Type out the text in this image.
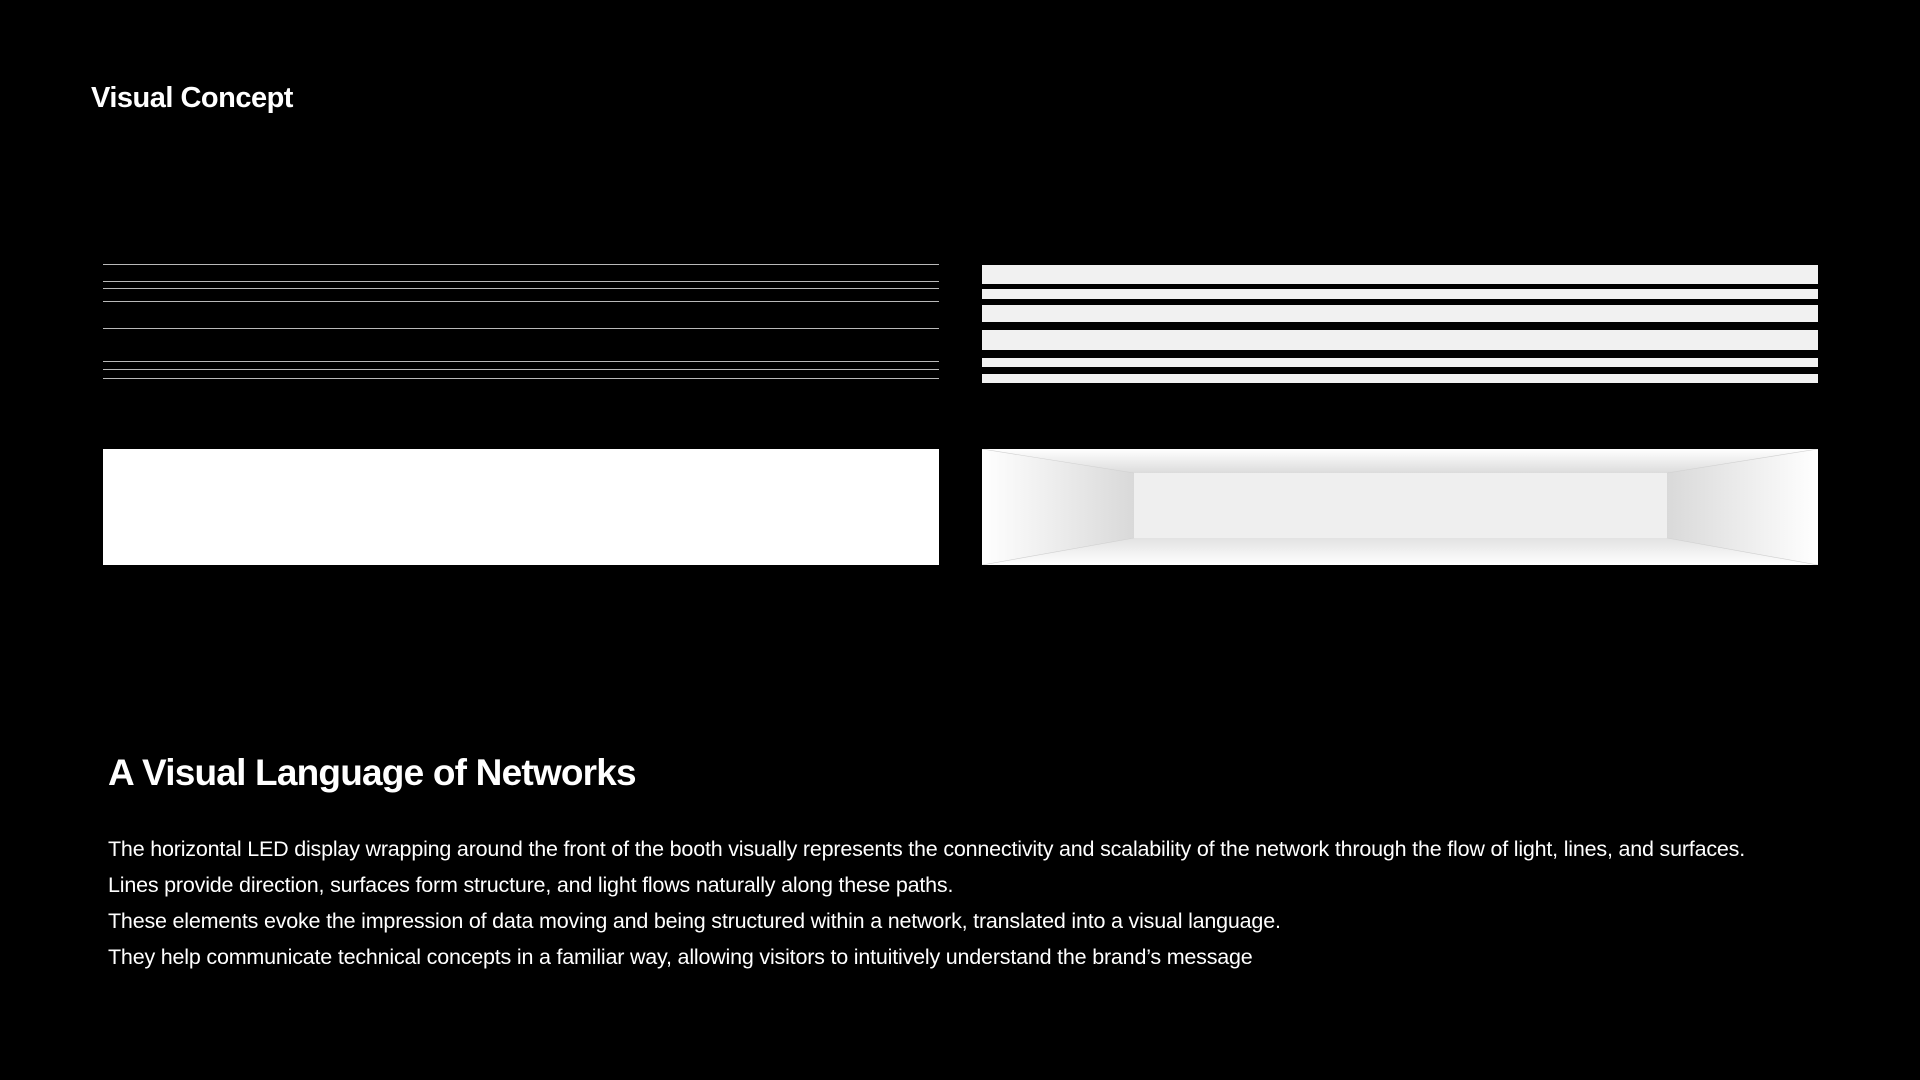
Visual Concept
A Visual Language of Networks

The horizontal LED display wrapping around the front of the booth visually represents the connectivity and scalability of the network through the flow of light, lines, and surfaces.
Lines provide direction, surfaces form structure, and light flows naturally along these paths.
These elements evoke the impression of data moving and being structured within a network, translated into a visual language.
They help communicate technical concepts in a familiar way, allowing visitors to intuitively understand the brand’s message
